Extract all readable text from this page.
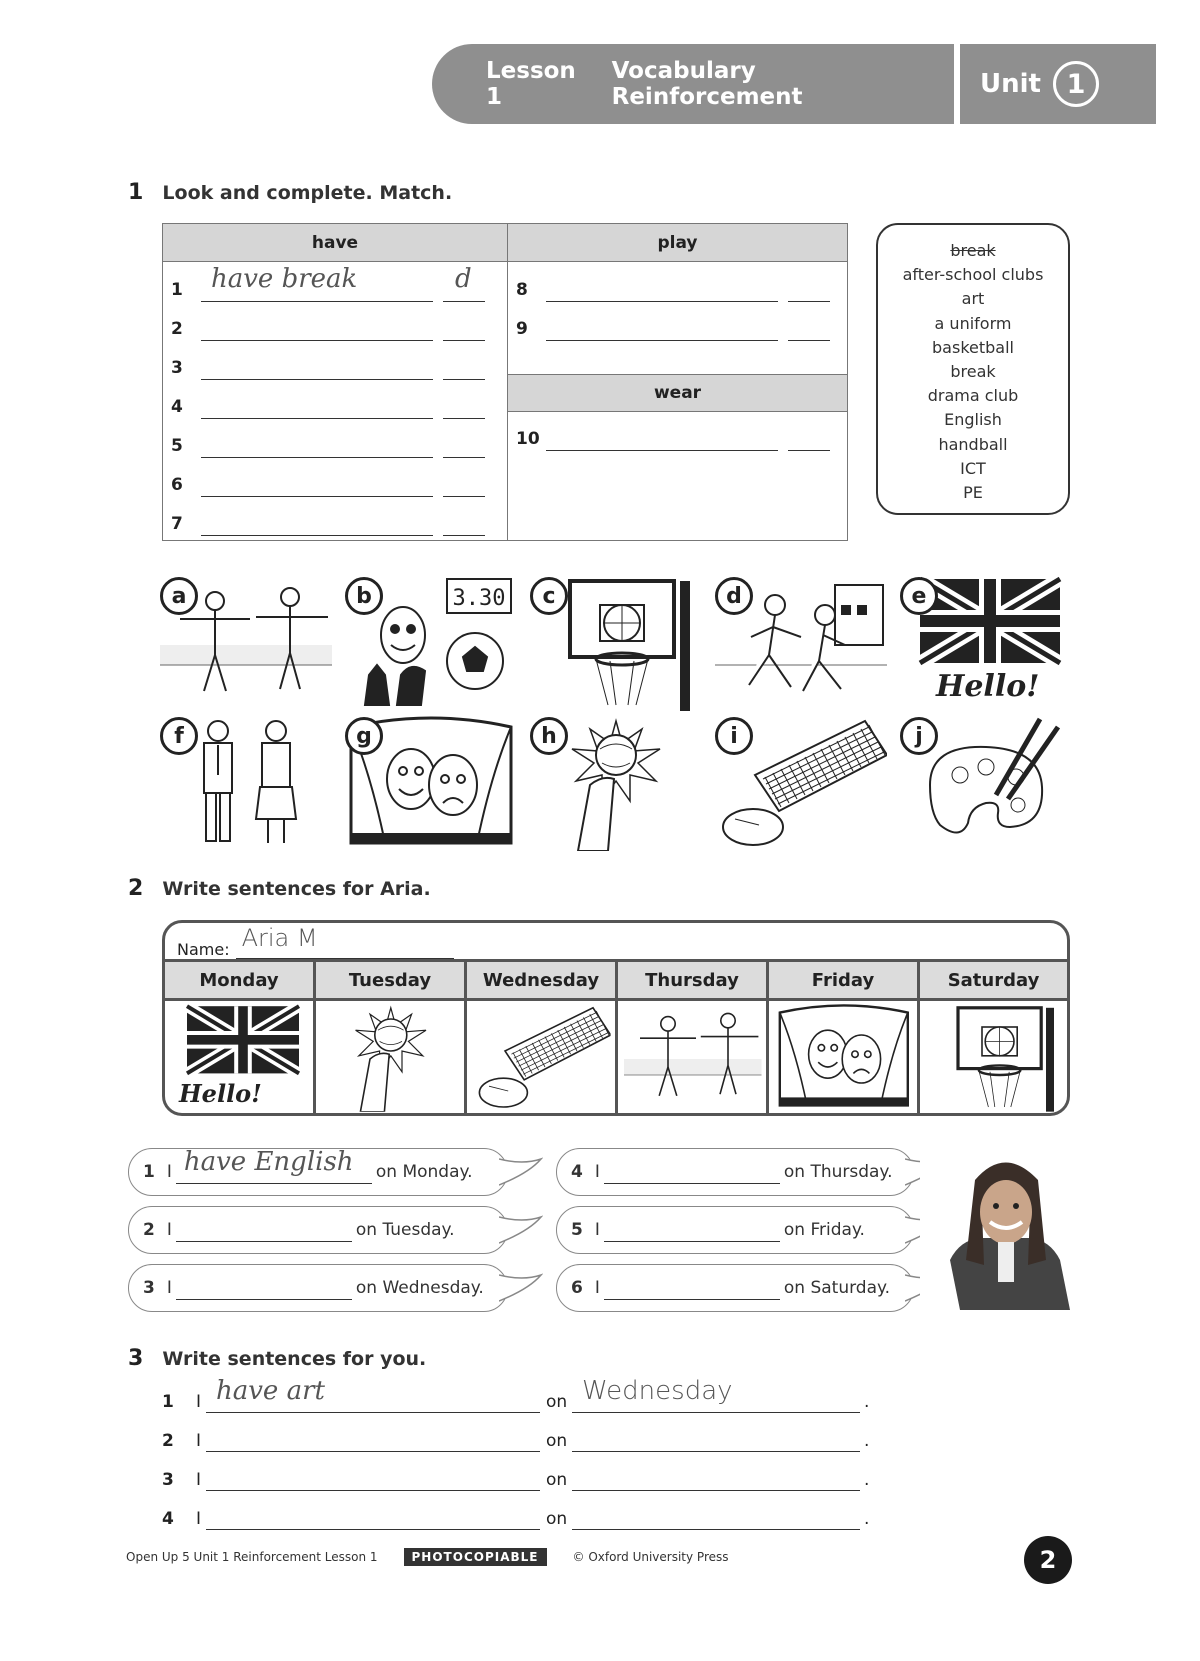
Lesson 1
Vocabulary Reinforcement	Unit 1
1 Look and complete. Match.
have
1 have break	d
2
3
4
5
6
7
play
8
9
wear
10
break
after-school clubs
art
a uniform
basketball
break
drama club
English
handball
ICT
PE
a	3.30
b	c	d
Hello!
e
f	g	h	i	j
2 Write sentences for Aria.
Name: Aria M
Monday	Tuesday	Wednesday	Thursday	Friday	Saturday
Hello!
1 I have English on Monday.
2 I	on Tuesday.
3 I	on Wednesday.
4 I	on Thursday.
5 I	on Friday.
6 I	on Saturday.
3 Write sentences for you.
1 I have art	on Wednesday	.
2 I	on	.
3 I	on	.
4 I	on	.
Open Up 5 Unit 1 Reinforcement Lesson 1	PHOTOCOPIABLE	© Oxford University Press	2
